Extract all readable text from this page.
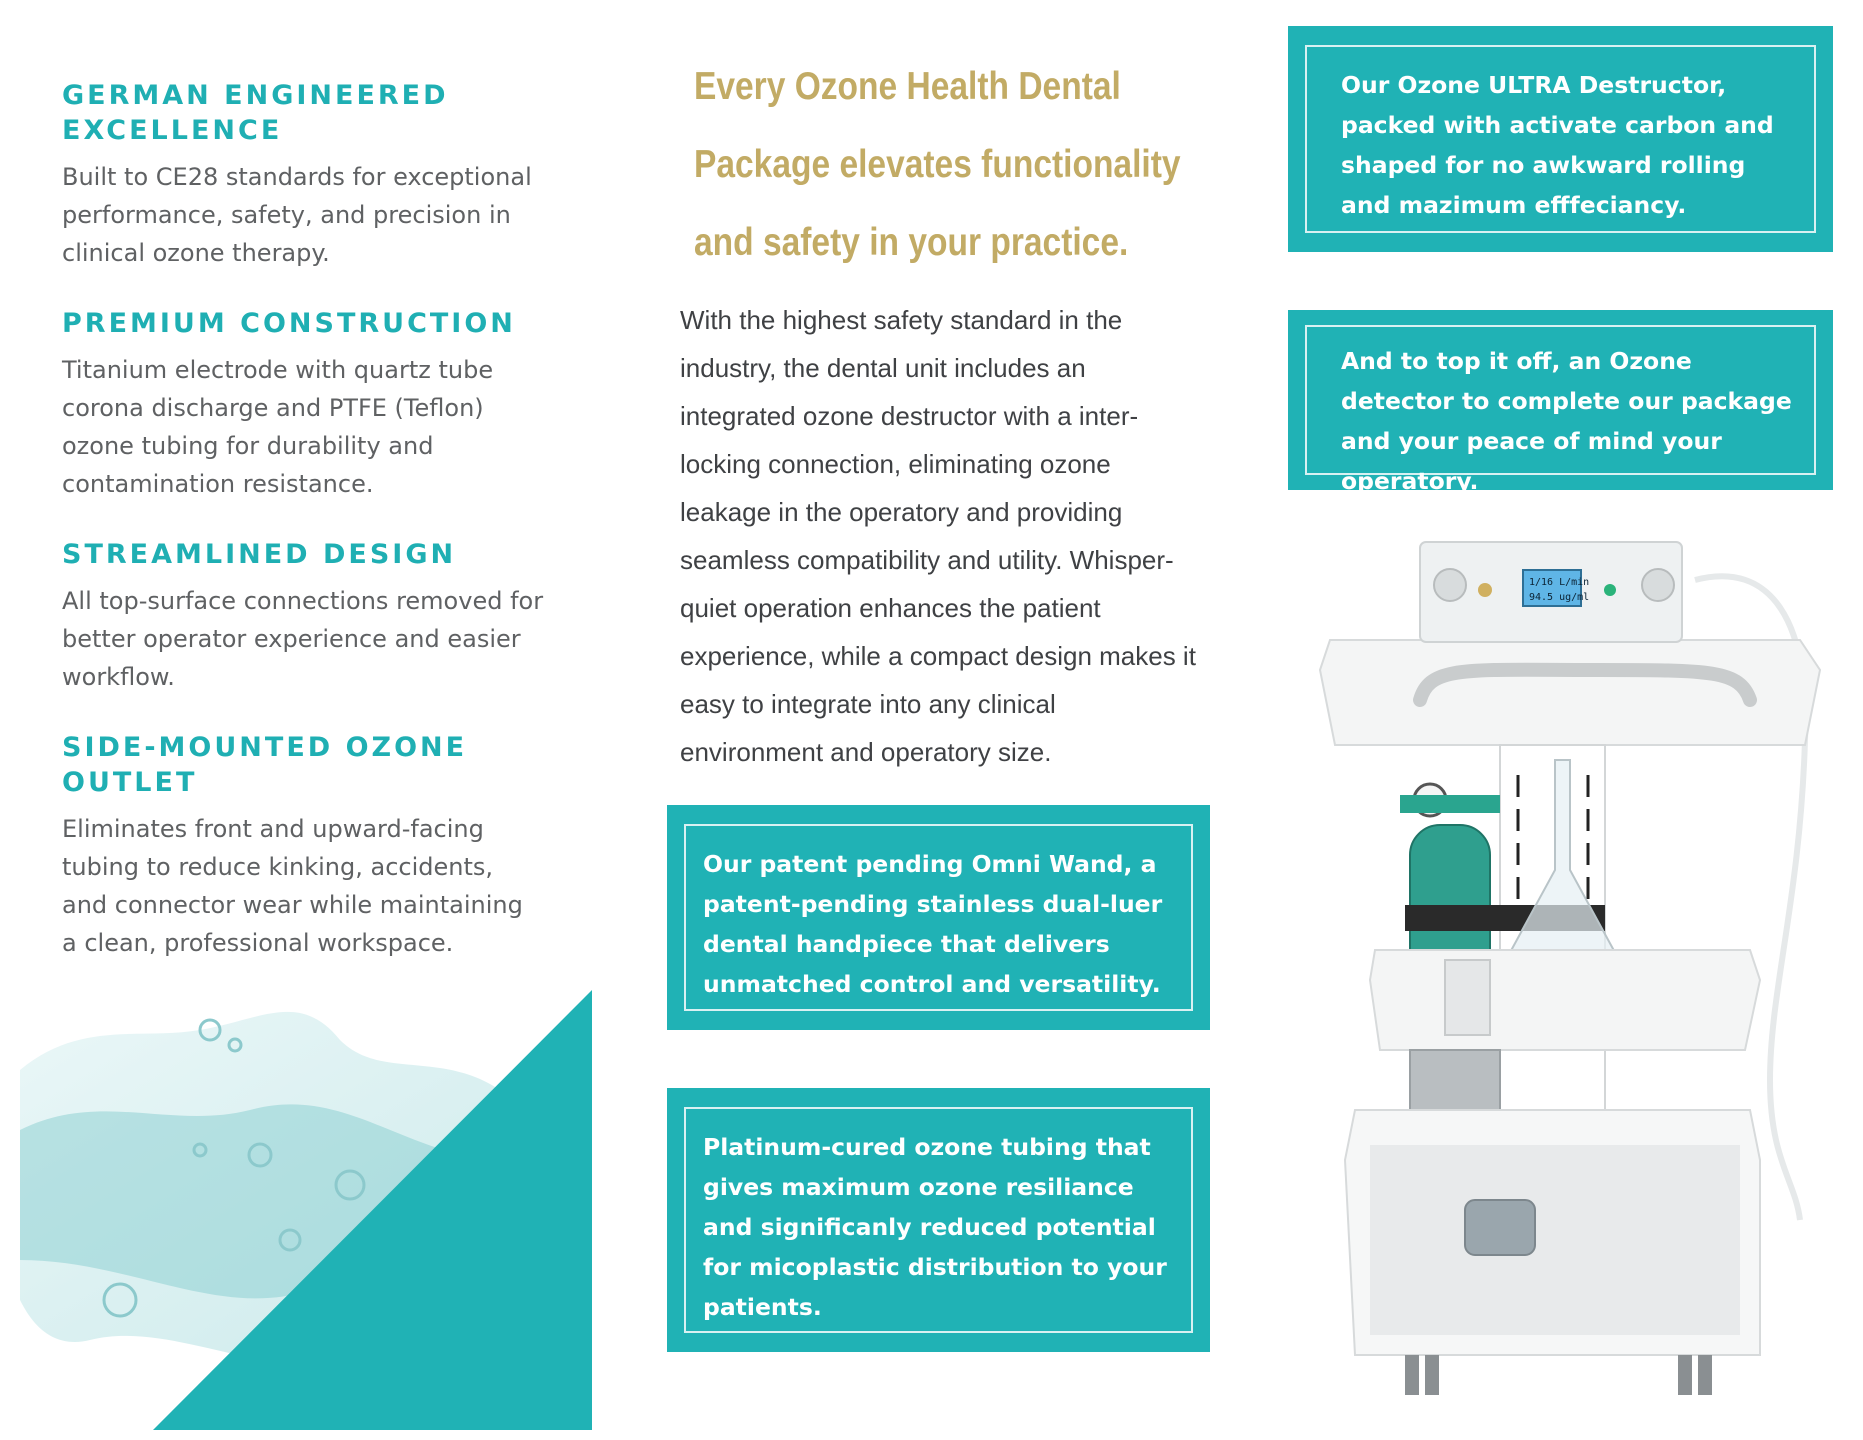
GERMAN ENGINEERED EXCELLENCE

Built to CE28 standards for exceptional performance, safety, and precision in clinical ozone therapy.

PREMIUM CONSTRUCTION

Titanium electrode with quartz tube corona discharge and PTFE (Teflon) ozone tubing for durability and contamination resistance.

STREAMLINED DESIGN

All top-surface connections removed for better operator experience and easier workflow.

SIDE-MOUNTED OZONE OUTLET

Eliminates front and upward-facing tubing to reduce kinking, accidents, and connector wear while maintaining a clean, professional workspace.

Every Ozone Health Dental Package elevates functionality and safety in your practice.

With the highest safety standard in the industry, the dental unit includes an integrated ozone destructor with a inter-locking connection, eliminating ozone leakage in the operatory and providing seamless compatibility and utility. Whisper-quiet operation enhances the patient experience, while a compact design makes it easy to integrate into any clinical environment and operatory size.

Our patent pending Omni Wand, a patent-pending stainless dual-luer dental handpiece that delivers unmatched control and versatility.
Platinum-cured ozone tubing that gives maximum ozone resiliance and significanly reduced potential for micoplastic distribution to your patients.
Our Ozone ULTRA Destructor, packed with activate carbon and shaped for no awkward rolling and mazimum efffeciancy.
And to top it off, an Ozone detector to complete our package and your peace of mind your operatory.
1/16 L/min
94.5 ug/ml
